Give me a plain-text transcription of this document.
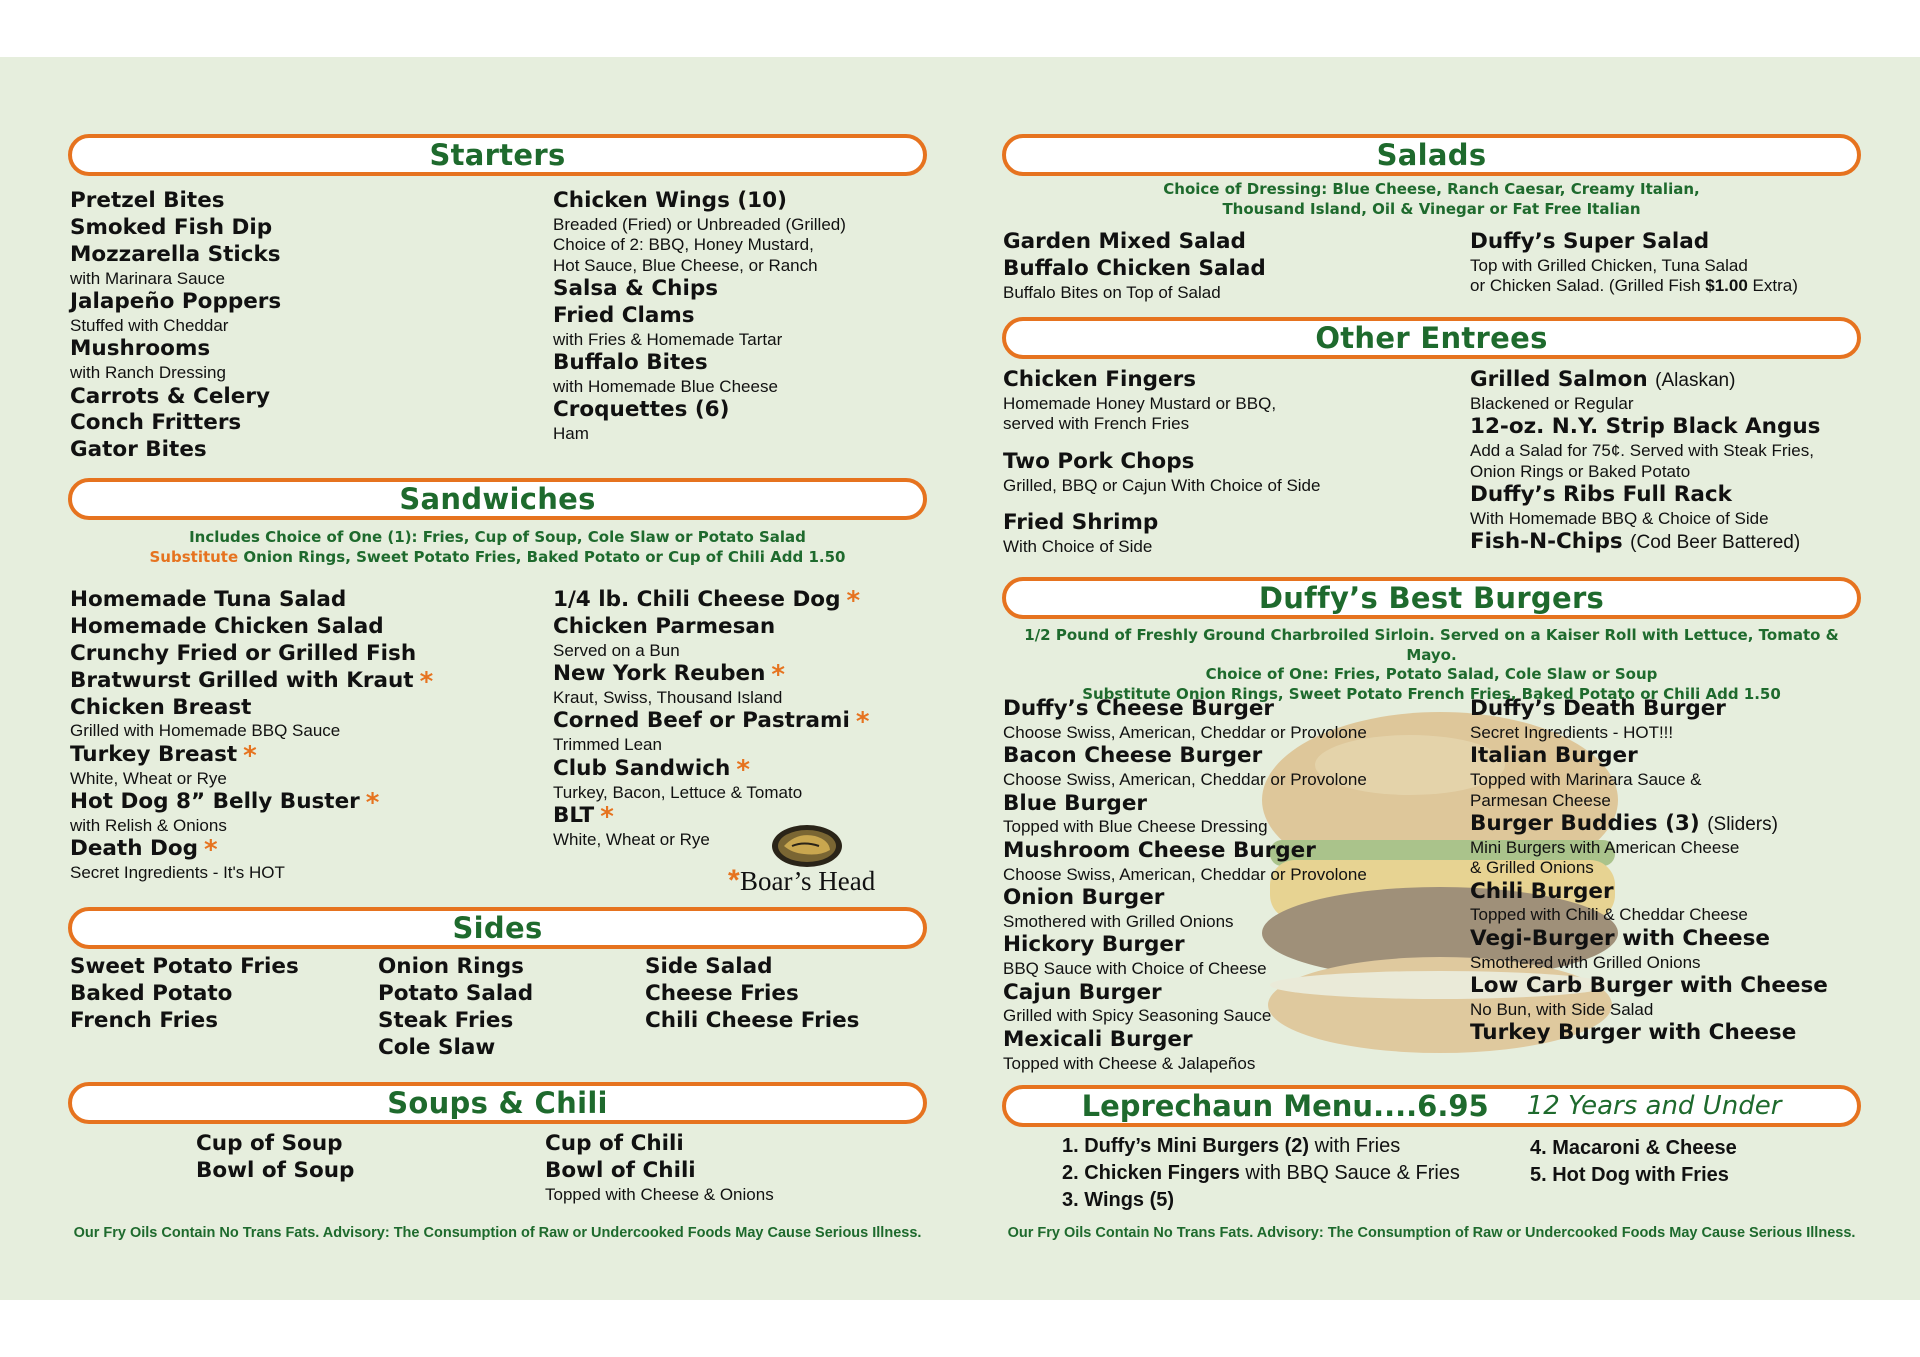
Starters
Pretzel Bites
Smoked Fish Dip
Mozzarella Sticks
with Marinara Sauce
Jalapeño Poppers
Stuffed with Cheddar
Mushrooms
with Ranch Dressing
Carrots & Celery
Conch Fritters
Gator Bites
Chicken Wings (10)
Breaded (Fried) or Unbreaded (Grilled)
Choice of 2: BBQ, Honey Mustard,
Hot Sauce, Blue Cheese, or Ranch
Salsa & Chips
Fried Clams
with Fries & Homemade Tartar
Buffalo Bites
with Homemade Blue Cheese
Croquettes (6)
Ham
Sandwiches
Includes Choice of One (1): Fries, Cup of Soup, Cole Slaw or Potato Salad
Substitute Onion Rings, Sweet Potato Fries, Baked Potato or Cup of Chili Add 1.50
Homemade Tuna Salad
Homemade Chicken Salad
Crunchy Fried or Grilled Fish
Bratwurst Grilled with Kraut *
Chicken Breast
Grilled with Homemade BBQ Sauce
Turkey Breast *
White, Wheat or Rye
Hot Dog 8” Belly Buster *
with Relish & Onions
Death Dog *
Secret Ingredients - It's HOT
1/4 lb. Chili Cheese Dog *
Chicken Parmesan
Served on a Bun
New York Reuben *
Kraut, Swiss, Thousand Island
Corned Beef or Pastrami *
Trimmed Lean
Club Sandwich *
Turkey, Bacon, Lettuce & Tomato
BLT *
White, Wheat or Rye
* Boar’s Head
Sides
Sweet Potato Fries
Baked Potato
French Fries
Onion Rings
Potato Salad
Steak Fries
Cole Slaw
Side Salad
Cheese Fries
Chili Cheese Fries
Soups & Chili
Cup of Soup
Bowl of Soup
Cup of Chili
Bowl of Chili
Topped with Cheese & Onions
Our Fry Oils Contain No Trans Fats. Advisory: The Consumption of Raw or Undercooked Foods May Cause Serious Illness.
Salads
Choice of Dressing: Blue Cheese, Ranch Caesar, Creamy Italian,
Thousand Island, Oil & Vinegar or Fat Free Italian
Garden Mixed Salad
Buffalo Chicken Salad
Buffalo Bites on Top of Salad
Duffy’s Super Salad
Top with Grilled Chicken, Tuna Salad
or Chicken Salad. (Grilled Fish $1.00 Extra)
Other Entrees
Chicken Fingers
Homemade Honey Mustard or BBQ,
served with French Fries
Two Pork Chops
Grilled, BBQ or Cajun With Choice of Side
Fried Shrimp
With Choice of Side
Grilled Salmon (Alaskan)
Blackened or Regular
12-oz. N.Y. Strip Black Angus
Add a Salad for 75¢. Served with Steak Fries,
Onion Rings or Baked Potato
Duffy’s Ribs Full Rack
With Homemade BBQ & Choice of Side
Fish-N-Chips (Cod Beer Battered)
Duffy’s Best Burgers
1/2 Pound of Freshly Ground Charbroiled Sirloin. Served on a Kaiser Roll with Lettuce, Tomato & Mayo.
Choice of One: Fries, Potato Salad, Cole Slaw or Soup
Substitute Onion Rings, Sweet Potato French Fries, Baked Potato or Chili Add 1.50
Duffy’s Cheese Burger
Choose Swiss, American, Cheddar or Provolone
Bacon Cheese Burger
Choose Swiss, American, Cheddar or Provolone
Blue Burger
Topped with Blue Cheese Dressing
Mushroom Cheese Burger
Choose Swiss, American, Cheddar or Provolone
Onion Burger
Smothered with Grilled Onions
Hickory Burger
BBQ Sauce with Choice of Cheese
Cajun Burger
Grilled with Spicy Seasoning Sauce
Mexicali Burger
Topped with Cheese & Jalapeños
Duffy’s Death Burger
Secret Ingredients - HOT!!!
Italian Burger
Topped with Marinara Sauce &
Parmesan Cheese
Burger Buddies (3) (Sliders)
Mini Burgers with American Cheese
& Grilled Onions
Chili Burger
Topped with Chili & Cheddar Cheese
Vegi-Burger with Cheese
Smothered with Grilled Onions
Low Carb Burger with Cheese
No Bun, with Side Salad
Turkey Burger with Cheese
Leprechaun Menu....6.95 12 Years and Under
1. Duffy’s Mini Burgers (2) with Fries
2. Chicken Fingers with BBQ Sauce & Fries
3. Wings (5)
4. Macaroni & Cheese
5. Hot Dog with Fries
Our Fry Oils Contain No Trans Fats. Advisory: The Consumption of Raw or Undercooked Foods May Cause Serious Illness.
